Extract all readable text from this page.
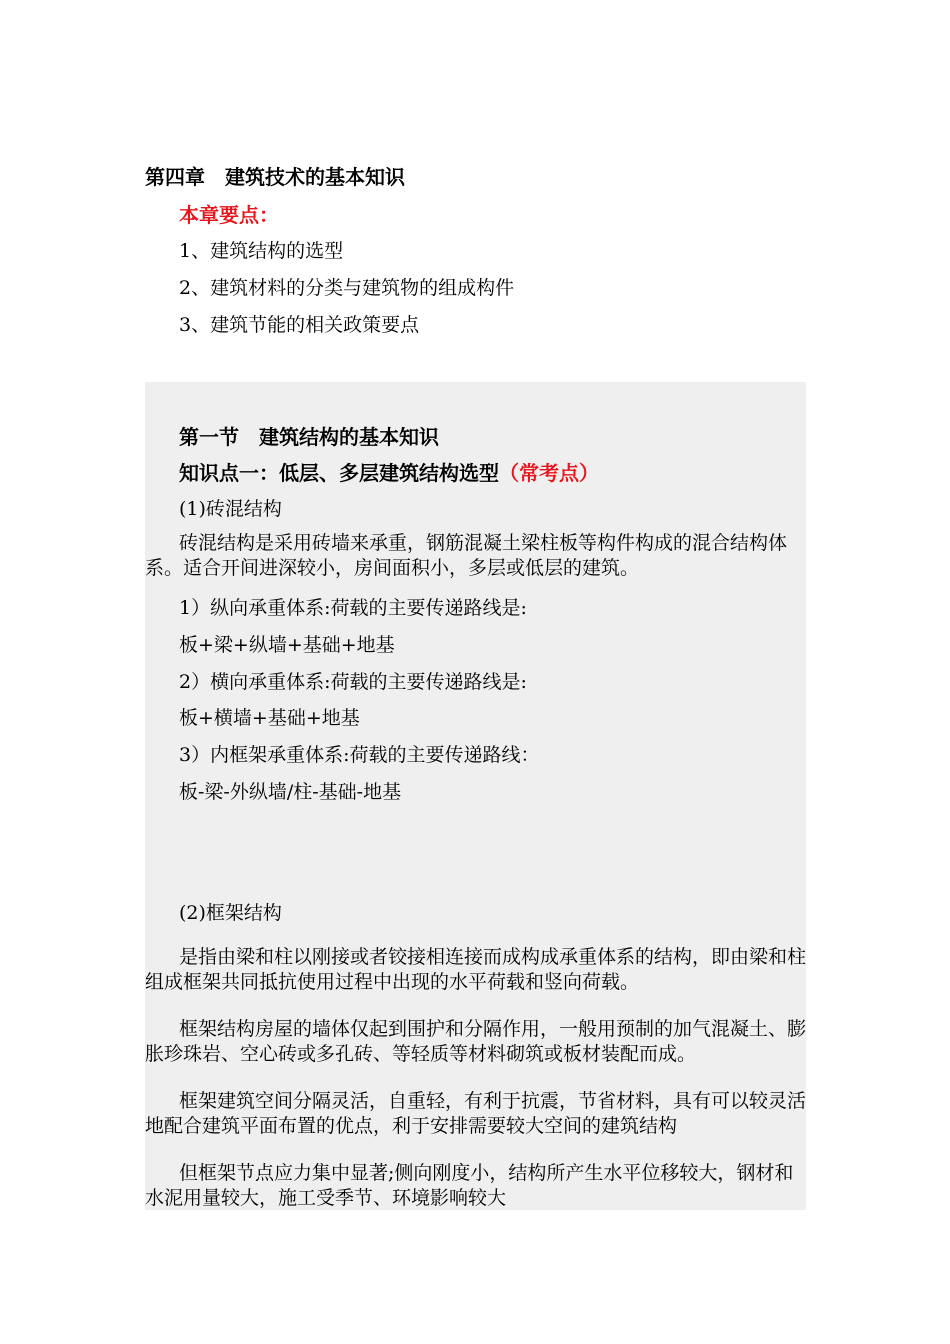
第四章　建筑技术的基本知识
本章要点：
1、建筑结构的选型
2、建筑材料的分类与建筑物的组成构件
3、建筑节能的相关政策要点
第一节　建筑结构的基本知识
知识点一：低层、多层建筑结构选型（常考点）
(1)砖混结构
砖混结构是采用砖墙来承重，钢筋混凝土梁柱板等构件构成的混合结构体系。适合开间进深较小，房间面积小，多层或低层的建筑。
1）纵向承重体系:荷载的主要传递路线是:
板+梁+纵墙+基础+地基
2）横向承重体系:荷载的主要传递路线是:
板+横墙+基础+地基
3）内框架承重体系:荷载的主要传递路线：
板-梁-外纵墙/柱-基础-地基
(2)框架结构
是指由梁和柱以刚接或者铰接相连接而成构成承重体系的结构，即由梁和柱组成框架共同抵抗使用过程中出现的水平荷载和竖向荷载。
框架结构房屋的墙体仅起到围护和分隔作用，一般用预制的加气混凝土、膨胀珍珠岩、空心砖或多孔砖、等轻质等材料砌筑或板材装配而成。
框架建筑空间分隔灵活，自重轻，有利于抗震，节省材料，具有可以较灵活地配合建筑平面布置的优点，利于安排需要较大空间的建筑结构
但框架节点应力集中显著;侧向刚度小，结构所产生水平位移较大，钢材和水泥用量较大，施工受季节、环境影响较大
